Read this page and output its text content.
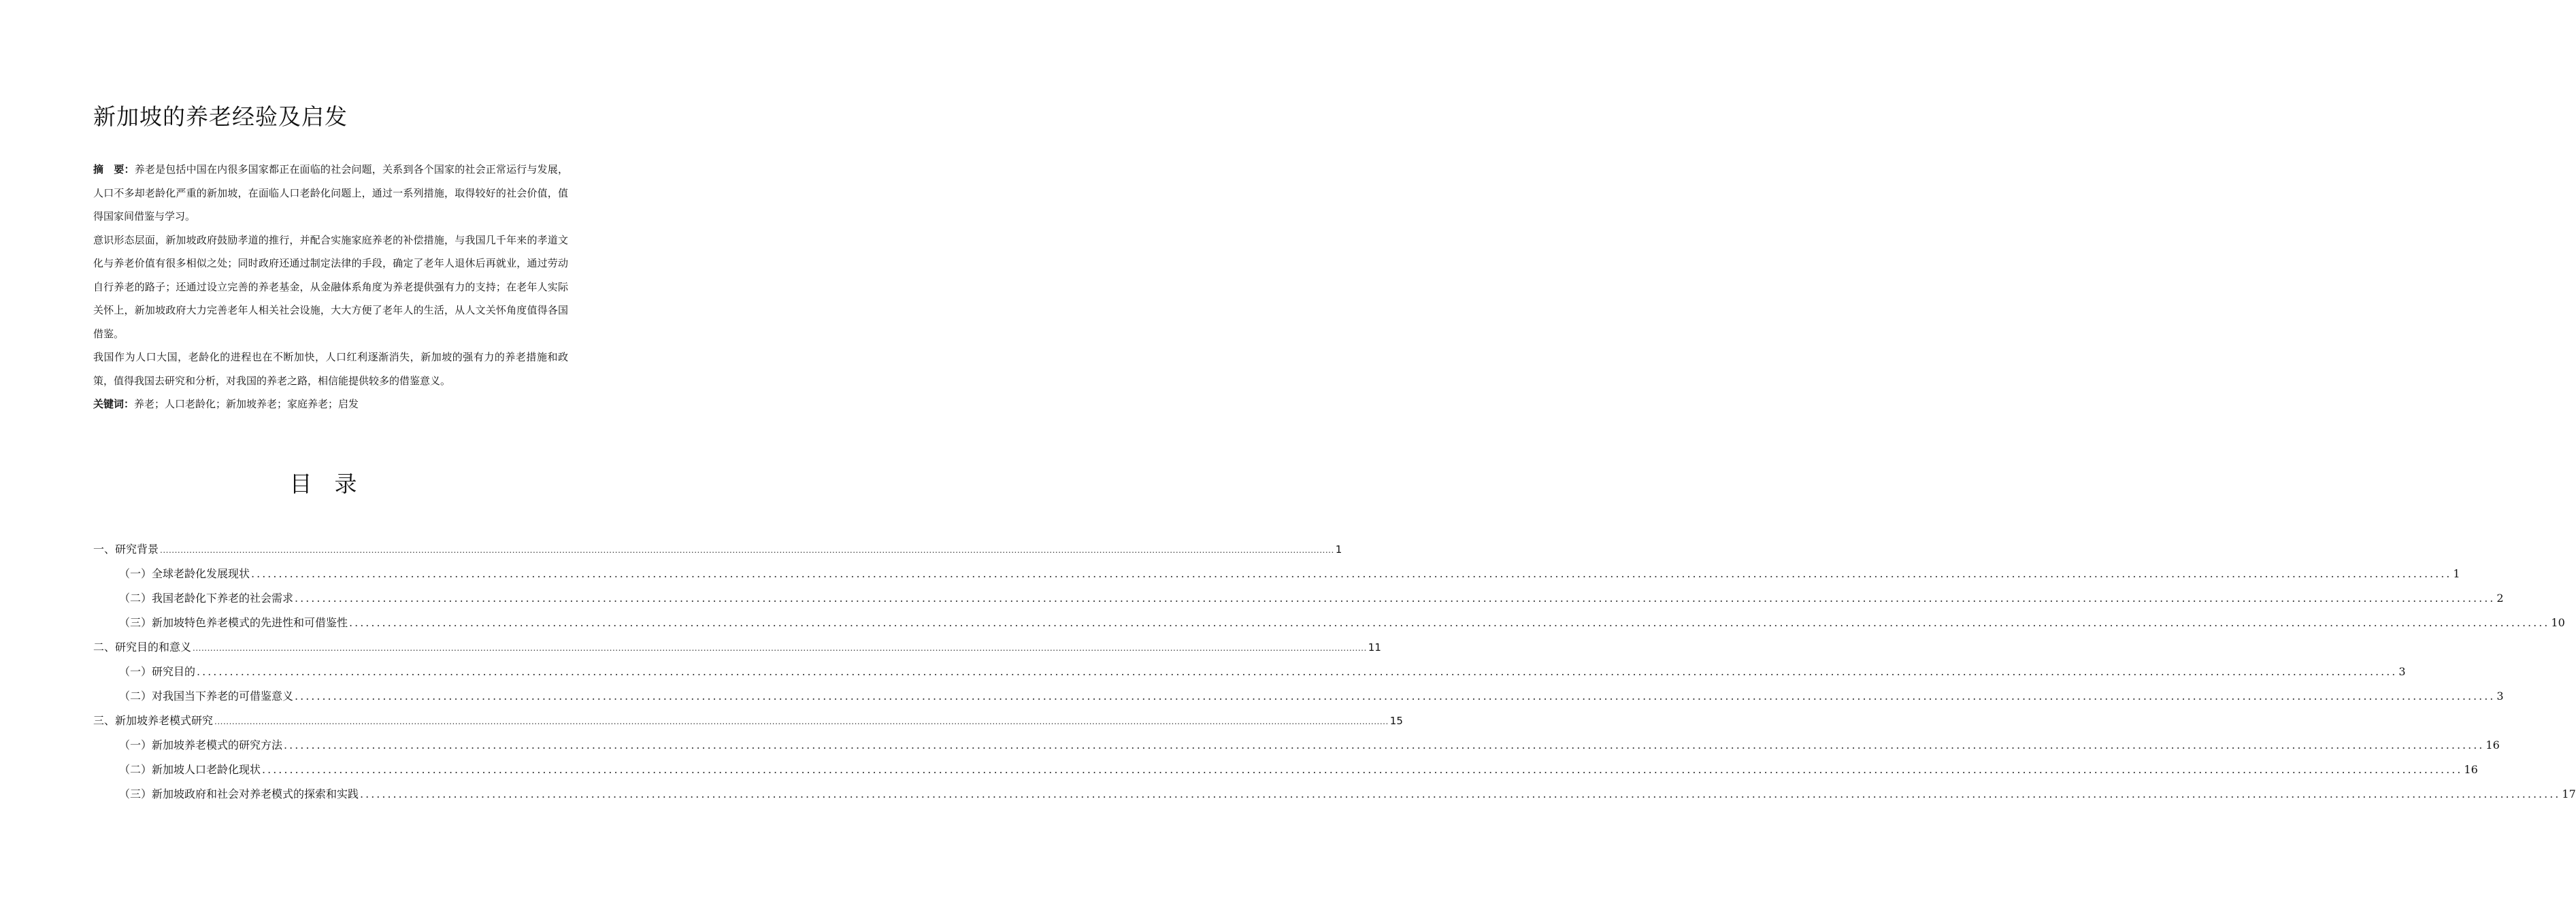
新加坡的养老经验及启发

摘　要：养老是包括中国在内很多国家都正在面临的社会问题，关系到各个国家的社会正常运行与发展，人口不多却老龄化严重的新加坡，在面临人口老龄化问题上，通过一系列措施，取得较好的社会价值，值得国家间借鉴与学习。

意识形态层面，新加坡政府鼓励孝道的推行，并配合实施家庭养老的补偿措施，与我国几千年来的孝道文化与养老价值有很多相似之处；同时政府还通过制定法律的手段，确定了老年人退休后再就业，通过劳动自行养老的路子；还通过设立完善的养老基金，从金融体系角度为养老提供强有力的支持；在老年人实际关怀上，新加坡政府大力完善老年人相关社会设施，大大方便了老年人的生活，从人文关怀角度值得各国借鉴。

我国作为人口大国，老龄化的进程也在不断加快，人口红利逐渐消失，新加坡的强有力的养老措施和政策，值得我国去研究和分析，对我国的养老之路，相信能提供较多的借鉴意义。

关键词：养老；人口老龄化；新加坡养老；家庭养老；启发

目　录
一、研究背景 ................................................................................................................................................................................................................................................................................................................................................................................................................ 1
（一）全球老龄化发展现状 ................................................................................................................................................................................................................................................................................................................................................................................................................ 1
（二）我国老龄化下养老的社会需求 ................................................................................................................................................................................................................................................................................................................................................................................................................ 2
（三）新加坡特色养老模式的先进性和可借鉴性 ................................................................................................................................................................................................................................................................................................................................................................................................................ 10
二、研究目的和意义 ................................................................................................................................................................................................................................................................................................................................................................................................................ 11
（一）研究目的 ................................................................................................................................................................................................................................................................................................................................................................................................................ 3
（二）对我国当下养老的可借鉴意义 ................................................................................................................................................................................................................................................................................................................................................................................................................ 3
三、新加坡养老模式研究 ................................................................................................................................................................................................................................................................................................................................................................................................................ 15
（一）新加坡养老模式的研究方法 ................................................................................................................................................................................................................................................................................................................................................................................................................ 16
（二）新加坡人口老龄化现状 ................................................................................................................................................................................................................................................................................................................................................................................................................ 16
（三）新加坡政府和社会对养老模式的探索和实践 ................................................................................................................................................................................................................................................................................................................................................................................................................ 17
